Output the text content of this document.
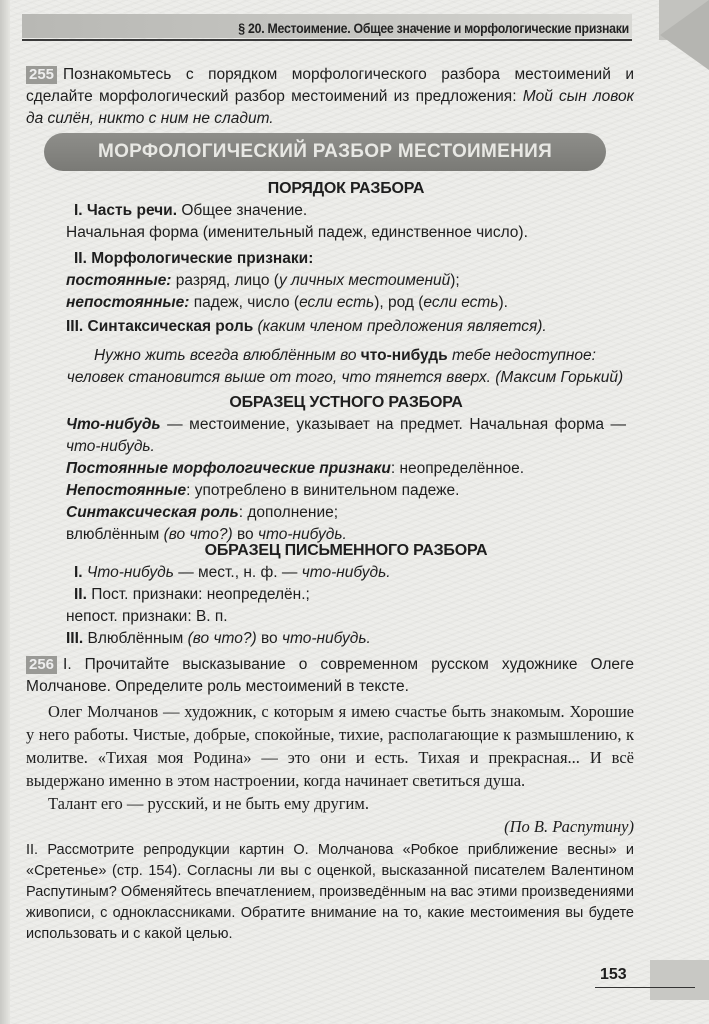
§ 20. Местоимение. Общее значение и морфологические признаки
255 Познакомьтесь с порядком морфологического разбора местоимений и сделайте морфологический разбор местоимений из предложения: Мой сын ловок да силён, никто с ним не сладит.
МОРФОЛОГИЧЕСКИЙ РАЗБОР МЕСТОИМЕНИЯ
ПОРЯДОК РАЗБОРА
I. Часть речи. Общее значение.
Начальная форма (именительный падеж, единственное число).
II. Морфологические признаки:
постоянные: разряд, лицо (у личных местоимений);
непостоянные: падеж, число (если есть), род (если есть).
III. Синтаксическая роль (каким членом предложения является).
Нужно жить всегда влюблённым во что-нибудь тебе недоступное:
человек становится выше от того, что тянется вверх. (Максим Горький)
ОБРАЗЕЦ УСТНОГО РАЗБОРА
Что-нибудь — местоимение, указывает на предмет. Начальная форма — что-нибудь.
Постоянные морфологические признаки: неопределённое.
Непостоянные: употреблено в винительном падеже.
Синтаксическая роль: дополнение;
влюблённым (во что?) во что-нибудь.
ОБРАЗЕЦ ПИСЬМЕННОГО РАЗБОРА
I. Что-нибудь — мест., н. ф. — что-нибудь.
II. Пост. признаки: неопределён.;
непост. признаки: В. п.
III. Влюблённым (во что?) во что-нибудь.
256 I. Прочитайте высказывание о современном русском художнике Олеге Молчанове. Определите роль местоимений в тексте.

Олег Молчанов — художник, с которым я имею счастье быть знакомым. Хорошие у него работы. Чистые, добрые, спокойные, тихие, располагающие к размышлению, к молитве. «Тихая моя Родина» — это они и есть. Тихая и прекрасная... И всё выдержано именно в этом настроении, когда начинает светиться душа.

Талант его — русский, и не быть ему другим.

(По В. Распутину)
II. Рассмотрите репродукции картин О. Молчанова «Робкое приближение весны» и «Сретенье» (стр. 154). Согласны ли вы с оценкой, высказанной писателем Валентином Распутиным? Обменяйтесь впечатлением, произведённым на вас этими произведениями живописи, с одноклассниками. Обратите внимание на то, какие местоимения вы будете использовать и с какой целью.
153
